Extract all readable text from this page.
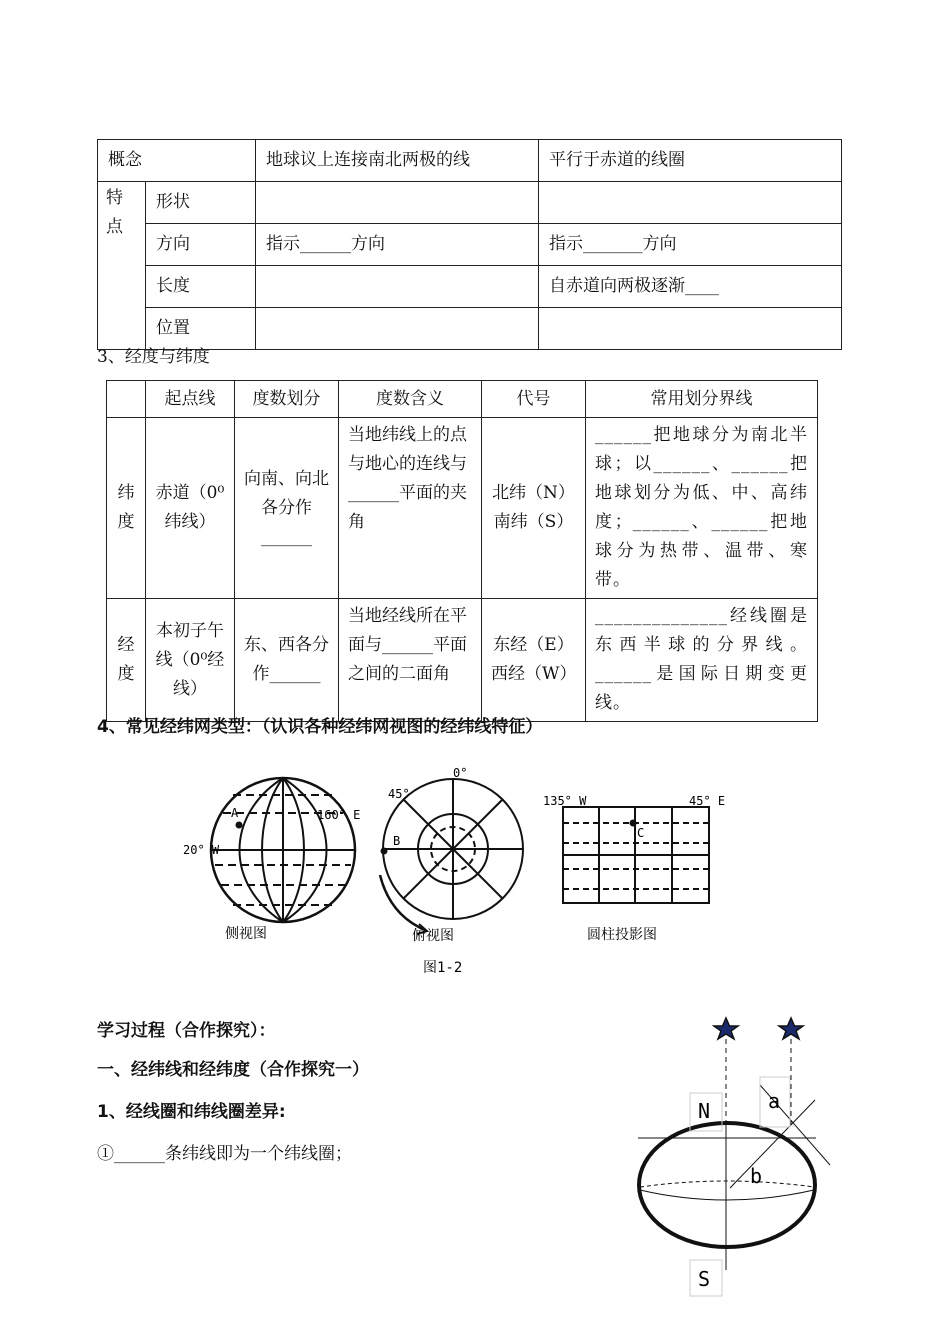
概念		地球议上连接南北两极的线	平行于赤道的线圈
特点	形状		
	方向	指示______方向	指示_______方向
	长度		自赤道向两极逐渐____
	位置		

3、经度与纬度

	起点线	度数划分	度数含义	代号	常用划分界线
纬度	赤道（0⁰纬线）	向南、向北各分作______	当地纬线上的点与地心的连线与______平面的夹角	北纬（N）南纬（S）	______把地球分为南北半球；以______、______把地球划分为低、中、高纬度；______、______把地球分为热带、温带、寒带。
经度	本初子午线（0⁰经线）	东、西各分作______	当地经线所在平面与______平面之间的二面角	东经（E）西经（W）	______________经线圈是东西半球的分界线。______是国际日期变更线。

4、常见经纬网类型：（认识各种经纬网视图的经纬线特征）

A	160° E
20° W
侧视图
B
0°
45°
俯视图
C
135° W	45° E
圆柱投影图
图1-2

学习过程（合作探究）：

一、经纬线和经纬度（合作探究一）

1、经线圈和纬线圈差异:

①______条纬线即为一个纬线圈；

N	a
b
S
